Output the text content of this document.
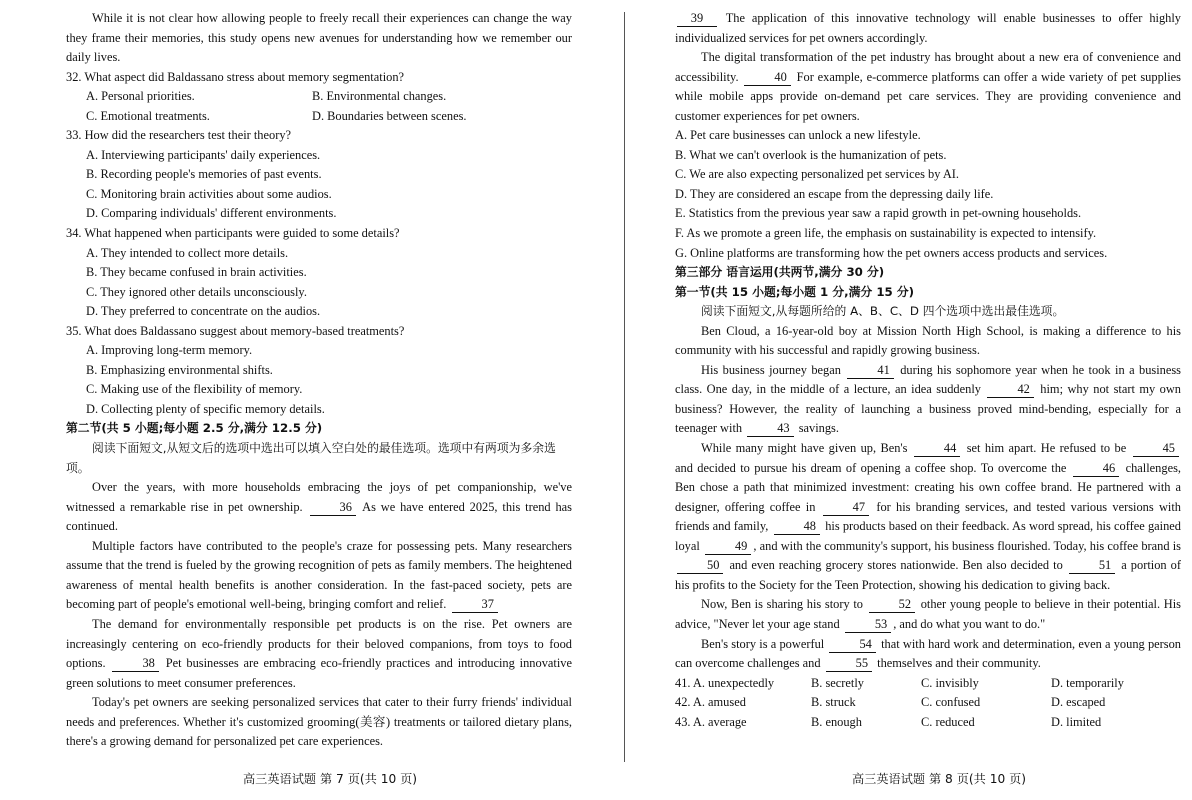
While it is not clear how allowing people to freely recall their experiences can change the way they frame their memories, this study opens new avenues for understanding how we remember our daily lives.
32. What aspect did Baldassano stress about memory segmentation?
A. Personal priorities.	B. Environmental changes.
C. Emotional treatments.	D. Boundaries between scenes.
33. How did the researchers test their theory?
A. Interviewing participants' daily experiences.
B. Recording people's memories of past events.
C. Monitoring brain activities about some audios.
D. Comparing individuals' different environments.
34. What happened when participants were guided to some details?
A. They intended to collect more details.
B. They became confused in brain activities.
C. They ignored other details unconsciously.
D. They preferred to concentrate on the audios.
35. What does Baldassano suggest about memory-based treatments?
A. Improving long-term memory.
B. Emphasizing environmental shifts.
C. Making use of the flexibility of memory.
D. Collecting plenty of specific memory details.
第二节(共 5 小题;每小题 2.5 分,满分 12.5 分)
阅读下面短文,从短文后的选项中选出可以填入空白处的最佳选项。选项中有两项为多余选项。
Over the years, with more households embracing the joys of pet companionship, we've witnessed a remarkable rise in pet ownership.	36 As we have entered 2025, this trend has continued.
Multiple factors have contributed to the people's craze for possessing pets. Many researchers assume that the trend is fueled by the growing recognition of pets as family members. The heightened awareness of mental health benefits is another consideration. In the fast-paced society, pets are becoming part of people's emotional well-being, bringing comfort and relief.	37
The demand for environmentally responsible pet products is on the rise. Pet owners are increasingly centering on eco-friendly products for their beloved companions, from toys to food options.	38 Pet businesses are embracing eco-friendly practices and introducing innovative green solutions to meet consumer preferences.
Today's pet owners are seeking personalized services that cater to their furry friends' individual needs and preferences. Whether it's customized grooming(美容) treatments or tailored dietary plans, there's a growing demand for personalized pet care experiences.
39 The application of this innovative technology will enable businesses to offer highly individualized services for pet owners accordingly.
The digital transformation of the pet industry has brought about a new era of convenience and accessibility.	40 For example, e-commerce platforms can offer a wide variety of pet supplies while mobile apps provide on-demand pet care services. They are providing convenience and customer experiences for pet owners.
A. Pet care businesses can unlock a new lifestyle.
B. What we can't overlook is the humanization of pets.
C. We are also expecting personalized pet services by AI.
D. They are considered an escape from the depressing daily life.
E. Statistics from the previous year saw a rapid growth in pet-owning households.
F. As we promote a green life, the emphasis on sustainability is expected to intensify.
G. Online platforms are transforming how the pet owners access products and services.
第三部分 语言运用(共两节,满分 30 分)
第一节(共 15 小题;每小题 1 分,满分 15 分)
阅读下面短文,从每题所给的 A、B、C、D 四个选项中选出最佳选项。
Ben Cloud, a 16-year-old boy at Mission North High School, is making a difference to his community with his successful and rapidly growing business.
His business journey began	41 during his sophomore year when he took in a business class. One day, in the middle of a lecture, an idea suddenly	42 him; why not start my own business? However, the reality of launching a business proved mind-bending, especially for a teenager with	43 savings.
While many might have given up, Ben's	44 set him apart. He refused to be	45 and decided to pursue his dream of opening a coffee shop. To overcome the	46 challenges, Ben chose a path that minimized investment: creating his own coffee brand. He partnered with a designer, offering coffee in	47 for his branding services, and tested various versions with friends and family,	48 his products based on their feedback. As word spread, his coffee gained loyal	49 , and with the community's support, his business flourished. Today, his coffee brand is 50 and even reaching grocery stores nationwide. Ben also decided to	51 a portion of his profits to the Society for the Teen Protection, showing his dedication to giving back.
Now, Ben is sharing his story to	52 other young people to believe in their potential. His advice, "Never let your age stand	53 , and do what you want to do."
Ben's story is a powerful	54 that with hard work and determination, even a young person can overcome challenges and	55 themselves and their community.
41. A. unexpectedly	B. secretly	C. invisibly	D. temporarily
42. A. amused	B. struck	C. confused	D. escaped
43. A. average	B. enough	C. reduced	D. limited
高三英语试题 第 7 页(共 10 页)	高三英语试题 第 8 页(共 10 页)
